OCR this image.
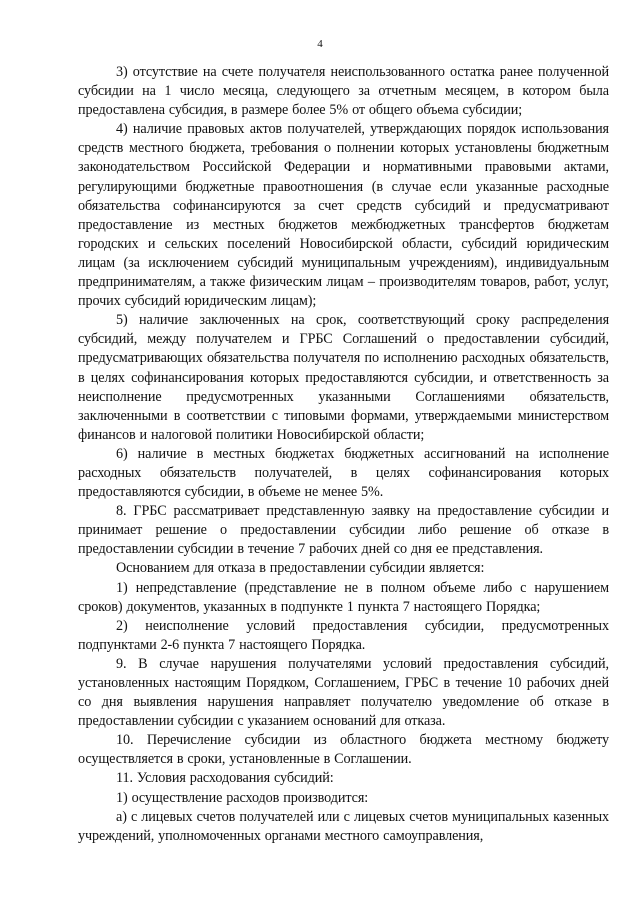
4

3) отсутствие на счете получателя неиспользованного остатка ранее полученной субсидии на 1 число месяца, следующего за отчетным месяцем, в котором была предоставлена субсидия, в размере более 5% от общего объема субсидии;

4) наличие правовых актов получателей, утверждающих порядок использования средств местного бюджета, требования о полнении которых установлены бюджетным законодательством Российской Федерации и нормативными правовыми актами, регулирующими бюджетные правоотношения (в случае если указанные расходные обязательства софинансируются за счет средств субсидий и предусматривают предоставление из местных бюджетов межбюджетных трансфертов бюджетам городских и сельских поселений Новосибирской области, субсидий юридическим лицам (за исключением субсидий муниципальным учреждениям), индивидуальным предпринимателям, а также физическим лицам – производителям товаров, работ, услуг, прочих субсидий юридическим лицам);

5) наличие заключенных на срок, соответствующий сроку распределения субсидий, между получателем и ГРБС Соглашений о предоставлении субсидий, предусматривающих обязательства получателя по исполнению расходных обязательств, в целях софинансирования которых предоставляются субсидии, и ответственность за неисполнение предусмотренных указанными Соглашениями обязательств, заключенными в соответствии с типовыми формами, утверждаемыми министерством финансов и налоговой политики Новосибирской области;

6) наличие в местных бюджетах бюджетных ассигнований на исполнение расходных обязательств получателей, в целях софинансирования которых предоставляются субсидии, в объеме не менее 5%.

8. ГРБС рассматривает представленную заявку на предоставление субсидии и принимает решение о предоставлении субсидии либо решение об отказе в предоставлении субсидии в течение 7 рабочих дней со дня ее представления.

Основанием для отказа в предоставлении субсидии является:

1) непредставление (представление не в полном объеме либо с нарушением сроков) документов, указанных в подпункте 1 пункта 7 настоящего Порядка;

2) неисполнение условий предоставления субсидии, предусмотренных подпунктами 2-6 пункта 7 настоящего Порядка.

9. В случае нарушения получателями условий предоставления субсидий, установленных настоящим Порядком, Соглашением, ГРБС в течение 10 рабочих дней со дня выявления нарушения направляет получателю уведомление об отказе в предоставлении субсидии с указанием оснований для отказа.

10. Перечисление субсидии из областного бюджета местному бюджету осуществляется в сроки, установленные в Соглашении.

11. Условия расходования субсидий:

1) осуществление расходов производится:

а) с лицевых счетов получателей или с лицевых счетов муниципальных казенных учреждений, уполномоченных органами местного самоуправления,
